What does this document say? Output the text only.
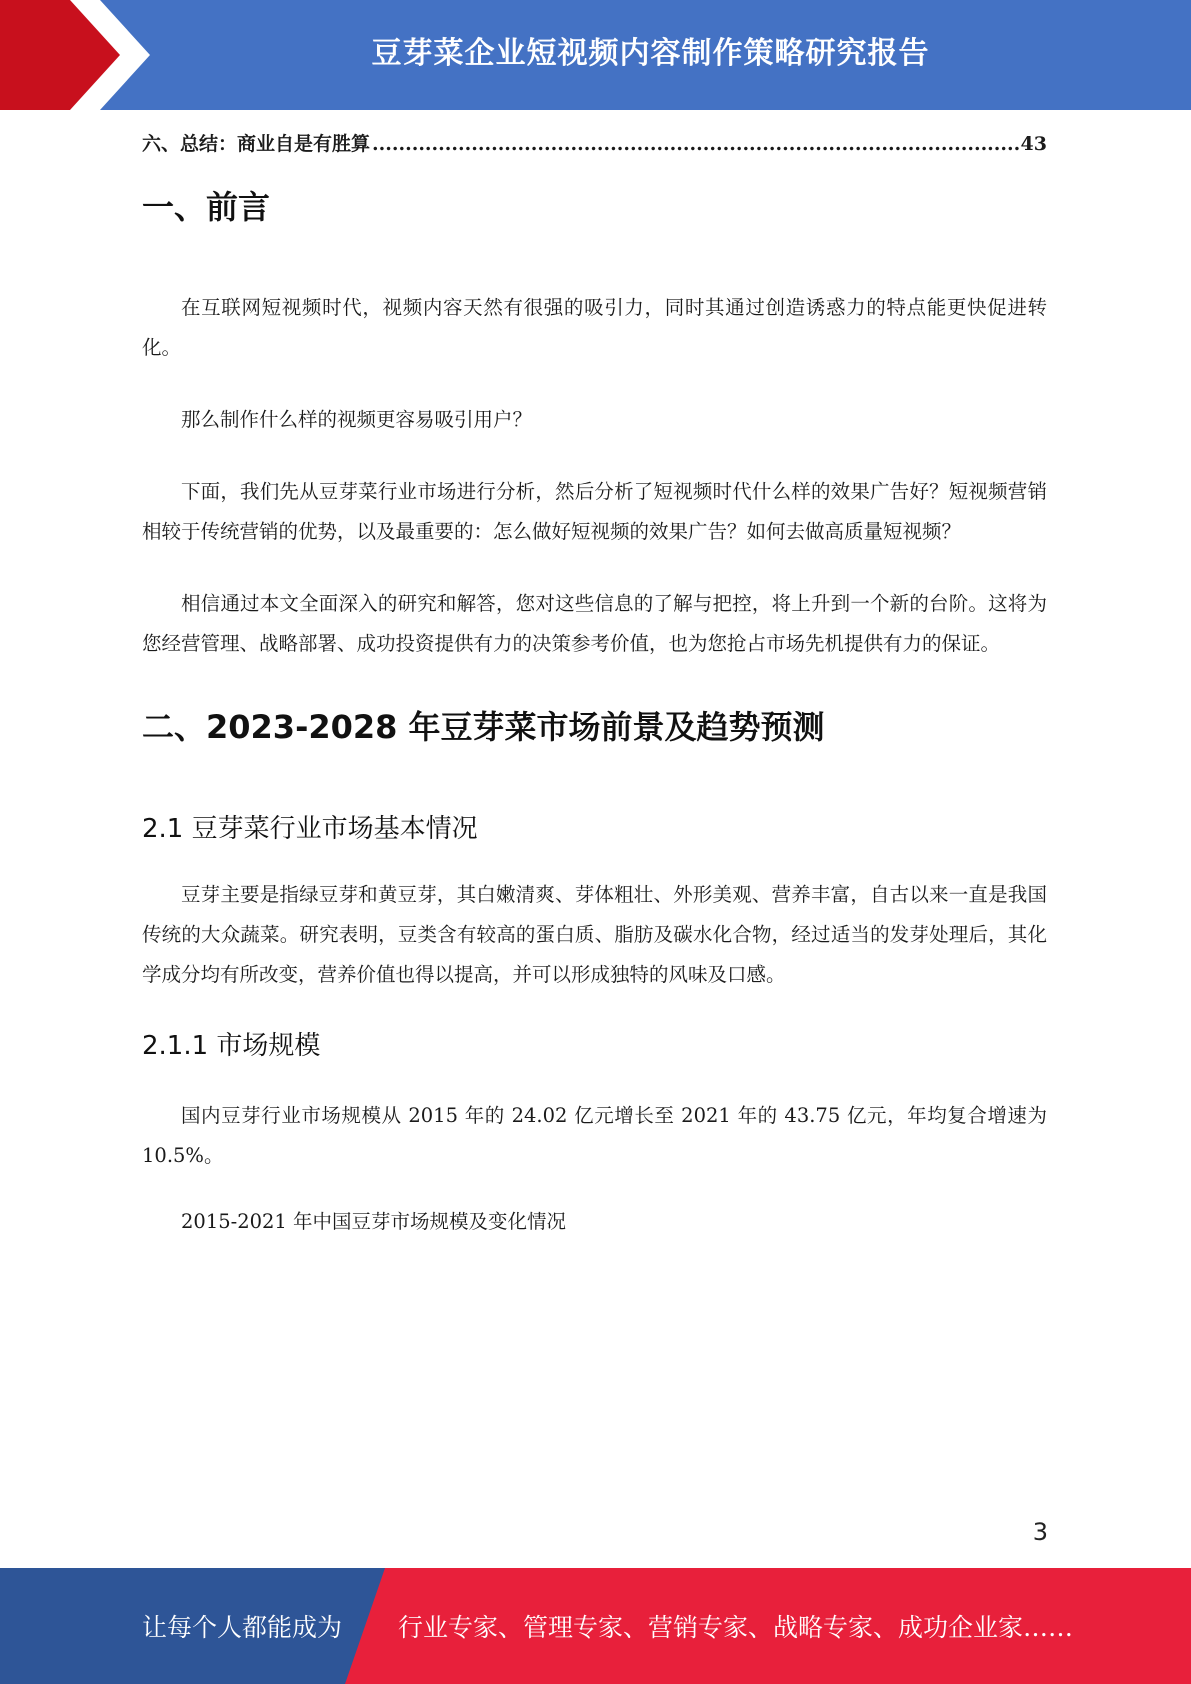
豆芽菜企业短视频内容制作策略研究报告
六、总结：商业自是有胜算
.....	43
一、前言

在互联网短视频时代，视频内容天然有很强的吸引力，同时其通过创造诱惑力的特点能更快促进转化。

那么制作什么样的视频更容易吸引用户？

下面，我们先从豆芽菜行业市场进行分析，然后分析了短视频时代什么样的效果广告好？短视频营销相较于传统营销的优势，以及最重要的：怎么做好短视频的效果广告？如何去做高质量短视频？

相信通过本文全面深入的研究和解答，您对这些信息的了解与把控，将上升到一个新的台阶。这将为您经营管理、战略部署、成功投资提供有力的决策参考价值，也为您抢占市场先机提供有力的保证。

二、2023-2028 年豆芽菜市场前景及趋势预测
2.1 豆芽菜行业市场基本情况

豆芽主要是指绿豆芽和黄豆芽，其白嫩清爽、芽体粗壮、外形美观、营养丰富，自古以来一直是我国传统的大众蔬菜。研究表明，豆类含有较高的蛋白质、脂肪及碳水化合物，经过适当的发芽处理后，其化学成分均有所改变，营养价值也得以提高，并可以形成独特的风味及口感。

2.1.1 市场规模

国内豆芽行业市场规模从 2015 年的 24.02 亿元增长至 2021 年的 43.75 亿元，年均复合增速为 10.5%。

2015-2021 年中国豆芽市场规模及变化情况

3
让每个人都能成为 行业专家、管理专家、营销专家、战略专家、成功企业家……
